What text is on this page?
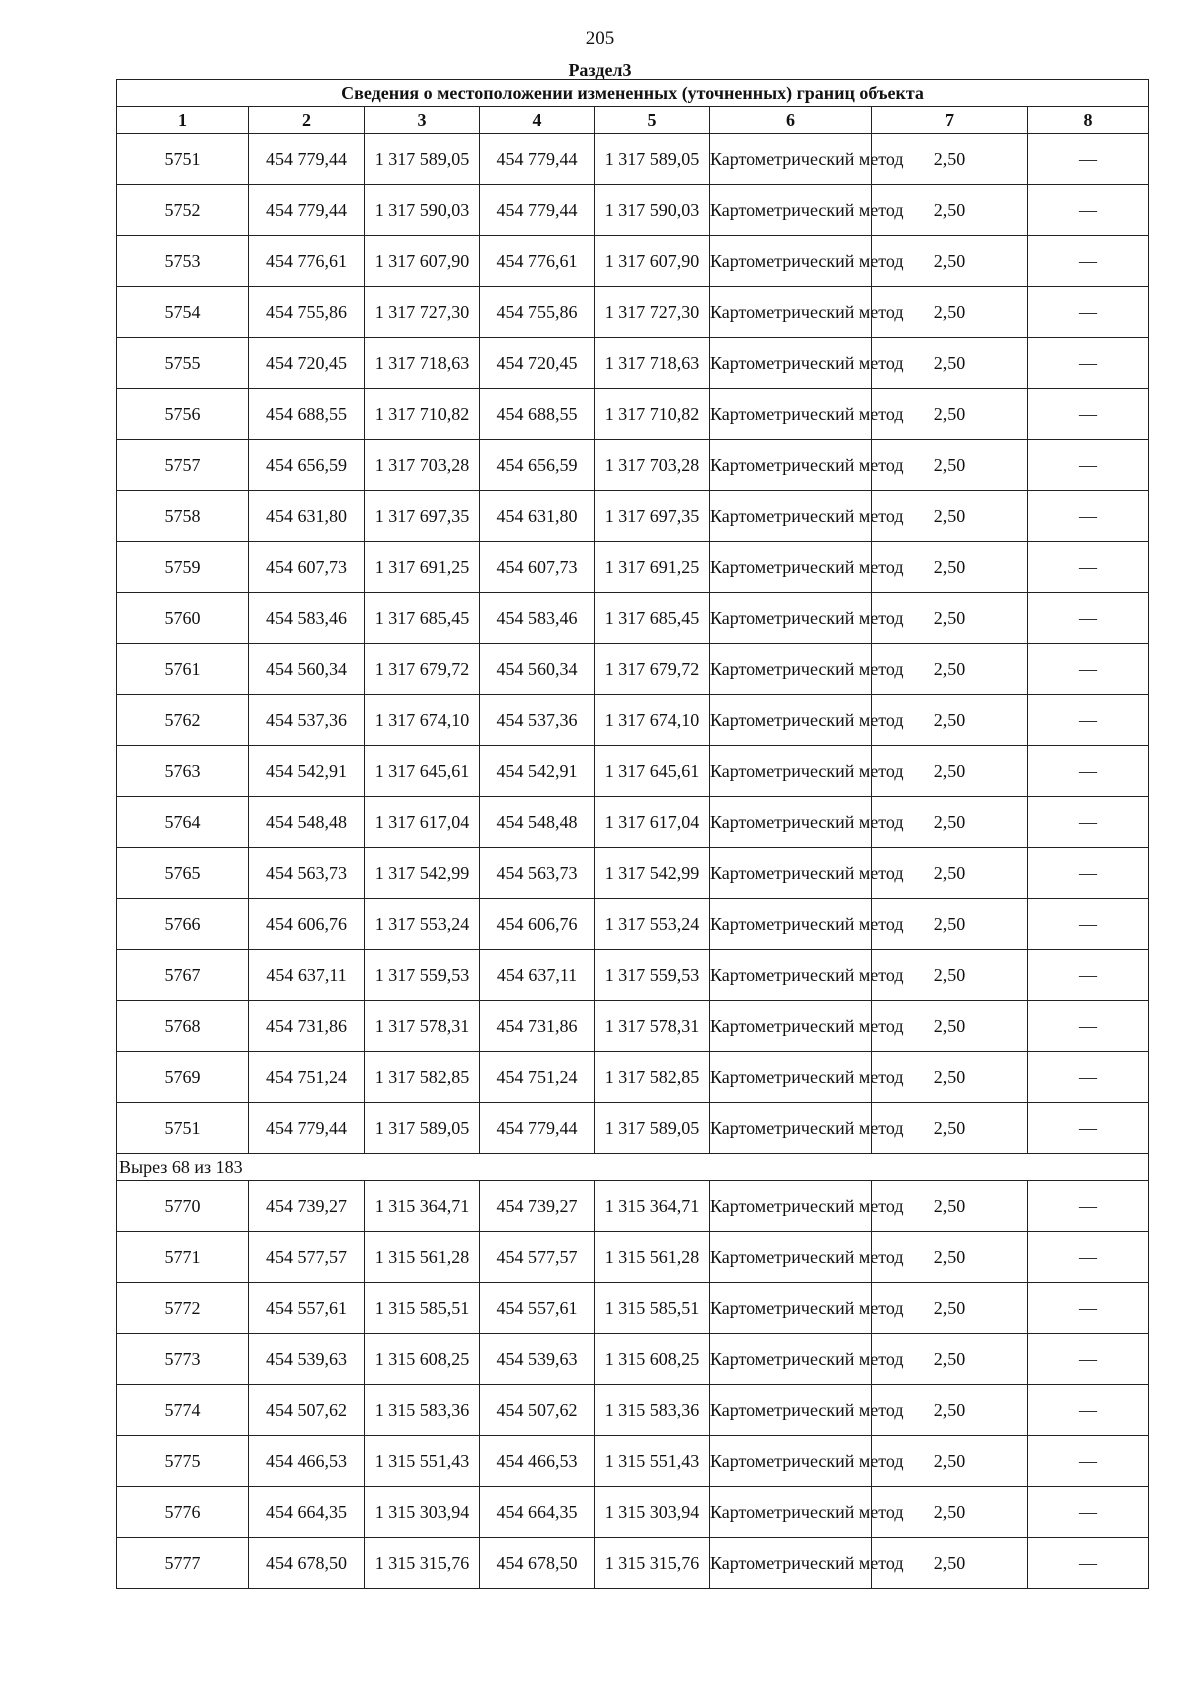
205
Раздел3
Сведения о местоположении измененных (уточненных) границ объекта							
1	2	3	4	5	6	7	8
5751	454 779,44	1 317 589,05	454 779,44	1 317 589,05	Картометрический метод	2,50	—
5752	454 779,44	1 317 590,03	454 779,44	1 317 590,03	Картометрический метод	2,50	—
5753	454 776,61	1 317 607,90	454 776,61	1 317 607,90	Картометрический метод	2,50	—
5754	454 755,86	1 317 727,30	454 755,86	1 317 727,30	Картометрический метод	2,50	—
5755	454 720,45	1 317 718,63	454 720,45	1 317 718,63	Картометрический метод	2,50	—
5756	454 688,55	1 317 710,82	454 688,55	1 317 710,82	Картометрический метод	2,50	—
5757	454 656,59	1 317 703,28	454 656,59	1 317 703,28	Картометрический метод	2,50	—
5758	454 631,80	1 317 697,35	454 631,80	1 317 697,35	Картометрический метод	2,50	—
5759	454 607,73	1 317 691,25	454 607,73	1 317 691,25	Картометрический метод	2,50	—
5760	454 583,46	1 317 685,45	454 583,46	1 317 685,45	Картометрический метод	2,50	—
5761	454 560,34	1 317 679,72	454 560,34	1 317 679,72	Картометрический метод	2,50	—
5762	454 537,36	1 317 674,10	454 537,36	1 317 674,10	Картометрический метод	2,50	—
5763	454 542,91	1 317 645,61	454 542,91	1 317 645,61	Картометрический метод	2,50	—
5764	454 548,48	1 317 617,04	454 548,48	1 317 617,04	Картометрический метод	2,50	—
5765	454 563,73	1 317 542,99	454 563,73	1 317 542,99	Картометрический метод	2,50	—
5766	454 606,76	1 317 553,24	454 606,76	1 317 553,24	Картометрический метод	2,50	—
5767	454 637,11	1 317 559,53	454 637,11	1 317 559,53	Картометрический метод	2,50	—
5768	454 731,86	1 317 578,31	454 731,86	1 317 578,31	Картометрический метод	2,50	—
5769	454 751,24	1 317 582,85	454 751,24	1 317 582,85	Картометрический метод	2,50	—
5751	454 779,44	1 317 589,05	454 779,44	1 317 589,05	Картометрический метод	2,50	—
Вырез 68 из 183							
5770	454 739,27	1 315 364,71	454 739,27	1 315 364,71	Картометрический метод	2,50	—
5771	454 577,57	1 315 561,28	454 577,57	1 315 561,28	Картометрический метод	2,50	—
5772	454 557,61	1 315 585,51	454 557,61	1 315 585,51	Картометрический метод	2,50	—
5773	454 539,63	1 315 608,25	454 539,63	1 315 608,25	Картометрический метод	2,50	—
5774	454 507,62	1 315 583,36	454 507,62	1 315 583,36	Картометрический метод	2,50	—
5775	454 466,53	1 315 551,43	454 466,53	1 315 551,43	Картометрический метод	2,50	—
5776	454 664,35	1 315 303,94	454 664,35	1 315 303,94	Картометрический метод	2,50	—
5777	454 678,50	1 315 315,76	454 678,50	1 315 315,76	Картометрический метод	2,50	—
